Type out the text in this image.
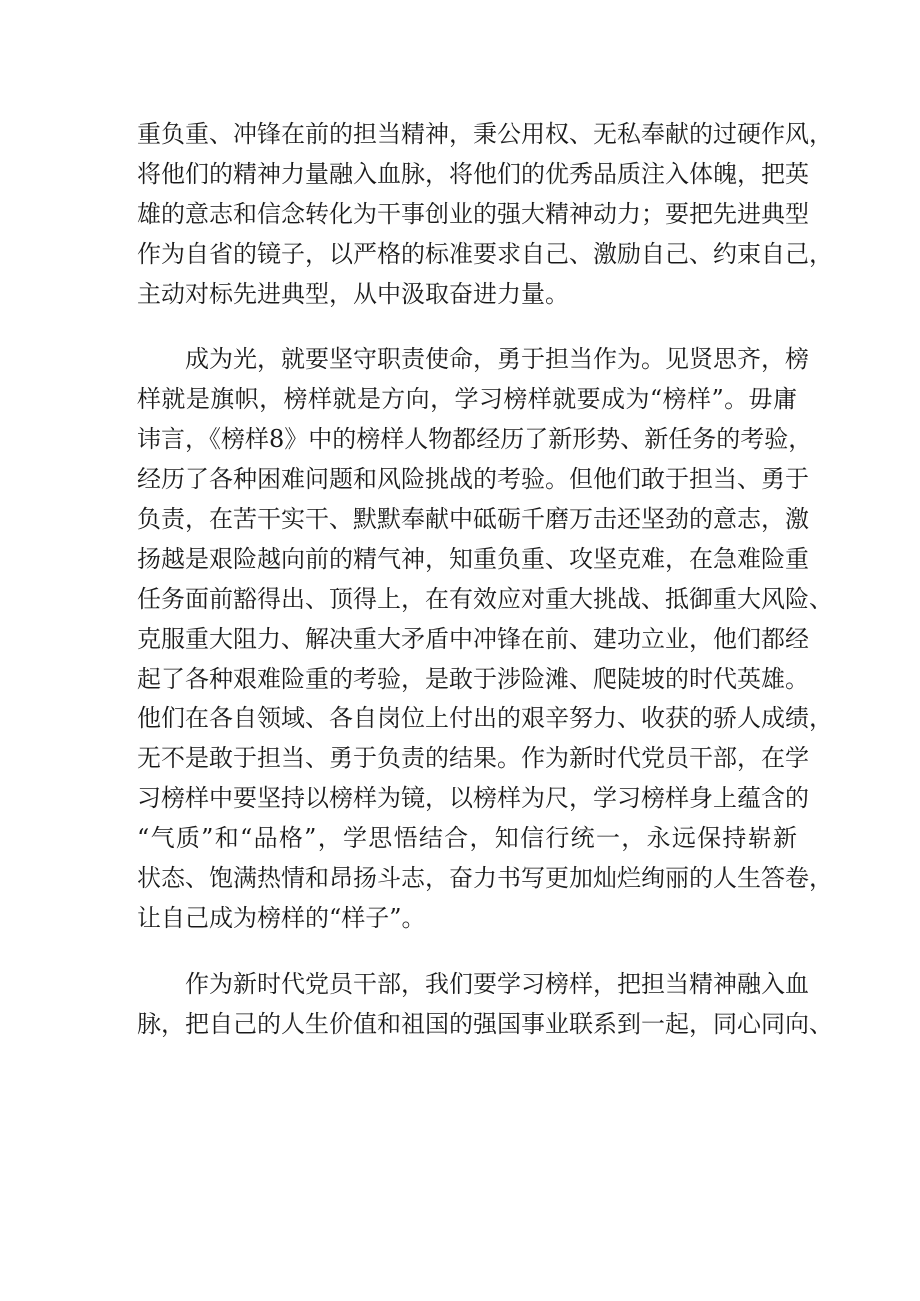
重负重、冲锋在前的担当精神，秉公用权、无私奉献的过硬作风，
将他们的精神力量融入血脉，将他们的优秀品质注入体魄，把英
雄的意志和信念转化为干事创业的强大精神动力；要把先进典型
作为自省的镜子，以严格的标准要求自己、激励自己、约束自己，
主动对标先进典型，从中汲取奋进力量。
成为光，就要坚守职责使命，勇于担当作为。见贤思齐，榜
样就是旗帜，榜样就是方向，学习榜样就要成为“榜样”。毋庸
讳言，《榜样8》中的榜样人物都经历了新形势、新任务的考验，
经历了各种困难问题和风险挑战的考验。但他们敢于担当、勇于
负责，在苦干实干、默默奉献中砥砺千磨万击还坚劲的意志，激
扬越是艰险越向前的精气神，知重负重、攻坚克难，在急难险重
任务面前豁得出、顶得上，在有效应对重大挑战、抵御重大风险、
克服重大阻力、解决重大矛盾中冲锋在前、建功立业，他们都经
起了各种艰难险重的考验，是敢于涉险滩、爬陡坡的时代英雄。
他们在各自领域、各自岗位上付出的艰辛努力、收获的骄人成绩，
无不是敢于担当、勇于负责的结果。作为新时代党员干部，在学
习榜样中要坚持以榜样为镜，以榜样为尺，学习榜样身上蕴含的
“气质”和“品格”，学思悟结合，知信行统一，永远保持崭新
状态、饱满热情和昂扬斗志，奋力书写更加灿烂绚丽的人生答卷，
让自己成为榜样的“样子”。
作为新时代党员干部，我们要学习榜样，把担当精神融入血
脉，把自己的人生价值和祖国的强国事业联系到一起，同心同向、
